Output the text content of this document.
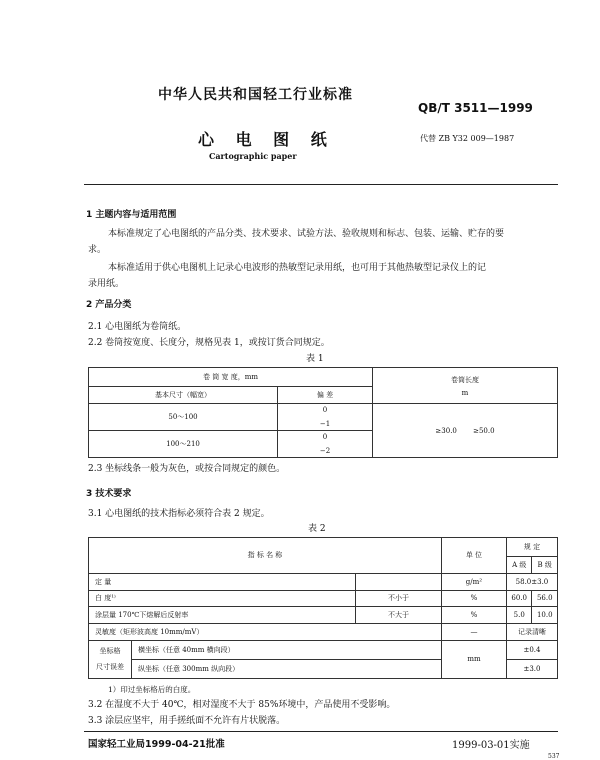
中华人民共和国轻工行业标准
QB/T 3511—1999
心 电 图 纸
Cartographic paper
代替 ZB Y32 009—1987
1 主题内容与适用范围
本标准规定了心电图纸的产品分类、技术要求、试验方法、验收规则和标志、包装、运输、贮存的要
求。
本标准适用于供心电图机上记录心电波形的热敏型记录用纸，也可用于其他热敏型记录仪上的记
录用纸。
2 产品分类
2.1 心电图纸为卷筒纸。
2.2 卷筒按宽度、长度分，规格见表 1，或按订货合同规定。
表 1
卷 筒 宽 度，mm		卷筒长度
m

基本尺寸（幅宽）	偏 差	
50～100	0
−1	≥30.0 ≥50.0
100～210	0
−2	
2.3 坐标线条一般为灰色，或按合同规定的颜色。
3 技术要求
3.1 心电图纸的技术指标必须符合表 2 规定。
表 2
指 标 名 称			单 位	规 定	
				A 级	B 级
定 量			g/m²	58.0±3.0	
白 度¹⁾		不小于	%	60.0	56.0
涂层量 170℃下熔解后反射率		不大于	%	5.0	10.0
灵敏度（矩形波高度 10mm/mV）			—	记录清晰	

坐标格
尺寸误差	横坐标（任意 40mm 横向段）		mm	±0.4	
	纵坐标（任意 300mm 纵向段）			±3.0	
1）印过坐标格后的白度。
3.2 在湿度不大于 40℃，相对湿度不大于 85%环境中，产品使用不受影响。
3.3 涂层应坚牢，用手搓纸面不允许有片状脱落。
国家轻工业局1999-04-21批准	1999-03-01实施
537
